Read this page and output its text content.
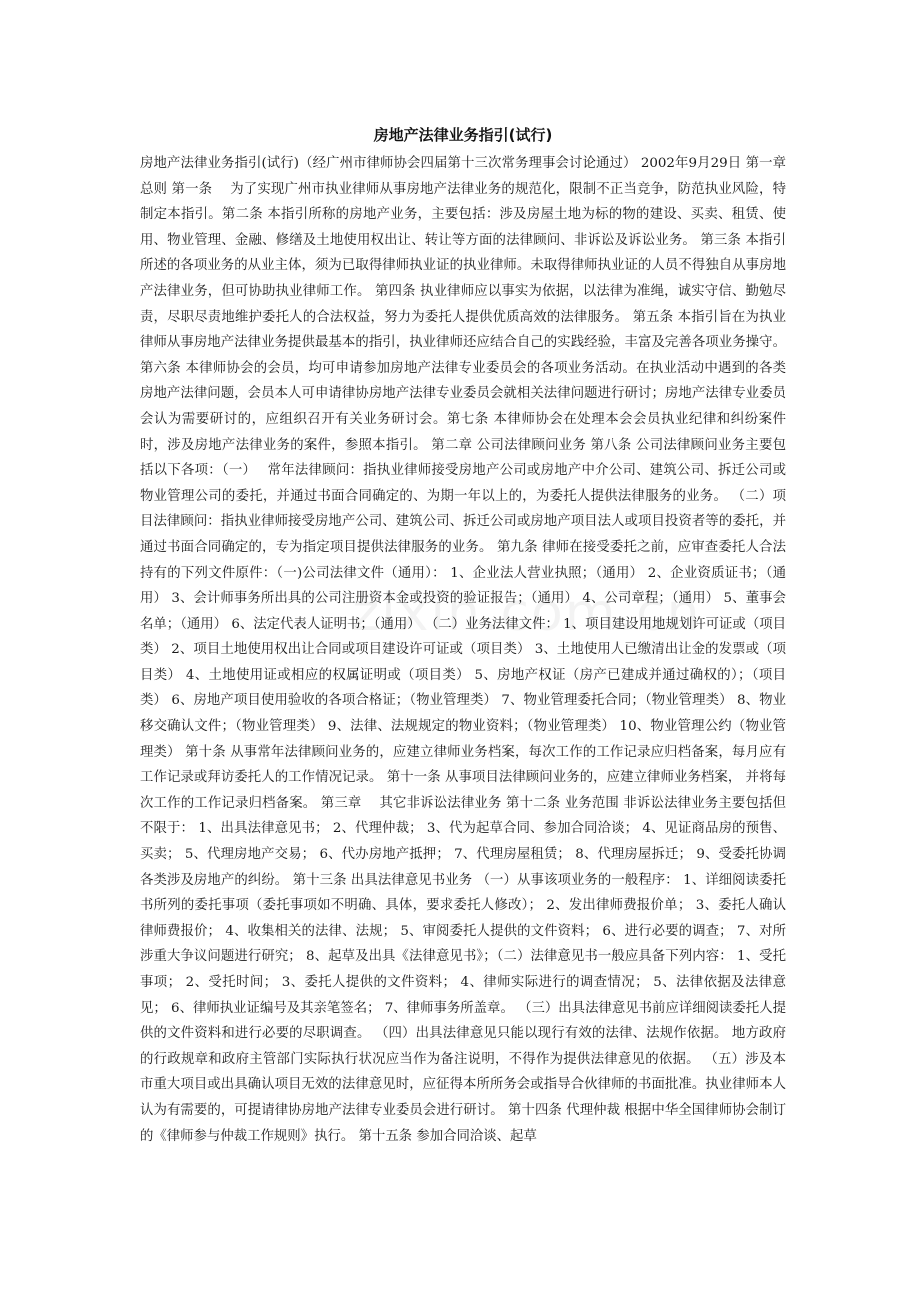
房地产法律业务指引(试行)
房地产法律业务指引(试行)（经广州市律师协会四届第十三次常务理事会讨论通过） 2002年9月29日 第一章　 总则 第一条　 为了实现广州市执业律师从事房地产法律业务的规范化，限制不正当竞争，防范执业风险，特制定本指引。第二条 本指引所称的房地产业务，主要包括：涉及房屋土地为标的物的建设、买卖、租赁、使用、物业管理、金融、修缮及土地使用权出让、转让等方面的法律顾问、非诉讼及诉讼业务。 第三条 本指引所述的各项业务的从业主体，须为已取得律师执业证的执业律师。未取得律师执业证的人员不得独自从事房地产法律业务，但可协助执业律师工作。 第四条 执业律师应以事实为依据，以法律为准绳，诚实守信、勤勉尽责，尽职尽责地维护委托人的合法权益，努力为委托人提供优质高效的法律服务。 第五条 本指引旨在为执业律师从事房地产法律业务提供最基本的指引，执业律师还应结合自己的实践经验，丰富及完善各项业务操守。第六条 本律师协会的会员，均可申请参加房地产法律专业委员会的各项业务活动。在执业活动中遇到的各类房地产法律问题，会员本人可申请律协房地产法律专业委员会就相关法律问题进行研讨；房地产法律专业委员会认为需要研讨的，应组织召开有关业务研讨会。第七条 本律师协会在处理本会会员执业纪律和纠纷案件时，涉及房地产法律业务的案件，参照本指引。 第二章 公司法律顾问业务 第八条 公司法律顾问业务主要包括以下各项：（一）　 常年法律顾问：指执业律师接受房地产公司或房地产中介公司、建筑公司、拆迁公司或物业管理公司的委托，并通过书面合同确定的、为期一年以上的，为委托人提供法律服务的业务。 （二）项目法律顾问：指执业律师接受房地产公司、建筑公司、拆迁公司或房地产项目法人或项目投资者等的委托，并通过书面合同确定的，专为指定项目提供法律服务的业务。 第九条 律师在接受委托之前，应审查委托人合法持有的下列文件原件：（一)公司法律文件（通用）： 1、企业法人营业执照；（通用） 2、企业资质证书；（通用） 3、会计师事务所出具的公司注册资本金或投资的验证报告；（通用） 4、公司章程；（通用） 5、董事会名单；（通用） 6、法定代表人证明书；（通用） （二）业务法律文件： 1、项目建设用地规划许可证或（项目类） 2、项目土地使用权出让合同或项目建设许可证或（项目类） 3、土地使用人已缴清出让金的发票或（项目类） 4、土地使用证或相应的权属证明或（项目类） 5、房地产权证（房产已建成并通过确权的）；（项目类） 6、房地产项目使用验收的各项合格证；（物业管理类） 7、物业管理委托合同；（物业管理类） 8、物业移交确认文件；（物业管理类） 9、法律、法规规定的物业资料；（物业管理类） 10、物业管理公约（物业管理类） 第十条 从事常年法律顾问业务的，应建立律师业务档案，每次工作的工作记录应归档备案，每月应有工作记录或拜访委托人的工作情况记录。 第十一条 从事项目法律顾问业务的，应建立律师业务档案， 并将每次工作的工作记录归档备案。 第三章　 其它非诉讼法律业务 第十二条 业务范围 非诉讼法律业务主要包括但不限于： 1、出具法律意见书； 2、代理仲裁； 3、代为起草合同、参加合同洽谈； 4、见证商品房的预售、买卖； 5、代理房地产交易； 6、代办房地产抵押； 7、代理房屋租赁； 8、代理房屋拆迁； 9、受委托协调各类涉及房地产的纠纷。 第十三条 出具法律意见书业务 （一）从事该项业务的一般程序： 1、详细阅读委托书所列的委托事项（委托事项如不明确、具体，要求委托人修改）； 2、发出律师费报价单； 3、委托人确认律师费报价； 4、收集相关的法律、法规； 5、审阅委托人提供的文件资料； 6、进行必要的调查； 7、对所涉重大争议问题进行研究； 8、起草及出具《法律意见书》；（二）法律意见书一般应具备下列内容： 1、受托事项； 2、受托时间； 3、委托人提供的文件资料； 4、律师实际进行的调查情况； 5、法律依据及法律意见； 6、律师执业证编号及其亲笔签名； 7、律师事务所盖章。 （三）出具法律意见书前应详细阅读委托人提供的文件资料和进行必要的尽职调查。 （四）出具法律意见只能以现行有效的法律、法规作依据。 地方政府的行政规章和政府主管部门实际执行状况应当作为备注说明，不得作为提供法律意见的依据。 （五）涉及本市重大项目或出具确认项目无效的法律意见时，应征得本所所务会或指导合伙律师的书面批准。执业律师本人认为有需要的，可提请律协房地产法律专业委员会进行研讨。 第十四条 代理仲裁 根据中华全国律师协会制订的《律师参与仲裁工作规则》执行。 第十五条 参加合同洽谈、起草
